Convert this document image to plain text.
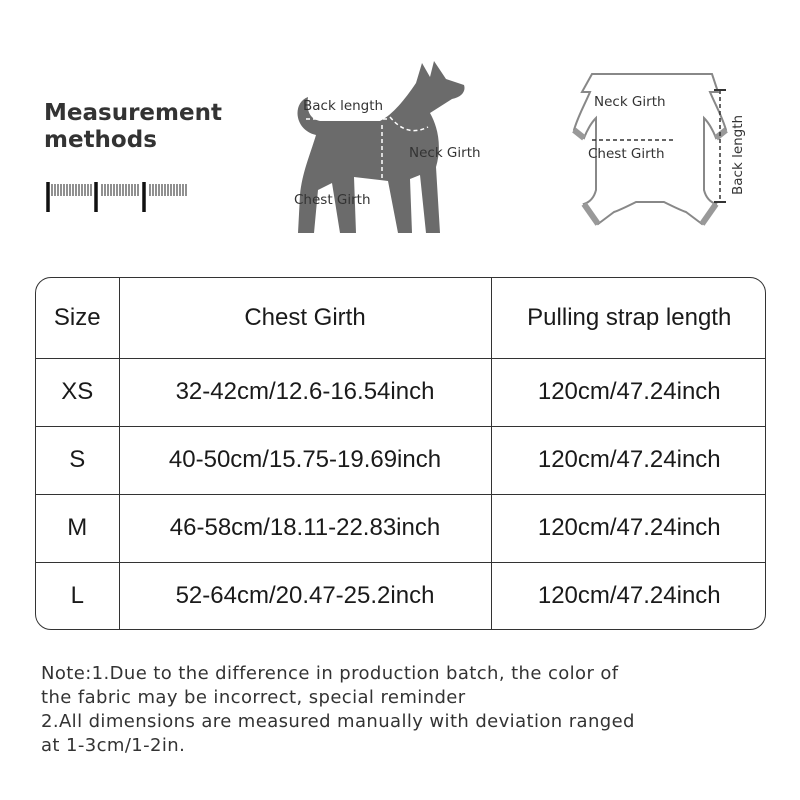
Measurement
methods
Back length
Neck Girth
Chest Girth
Neck Girth
Chest Girth	Back length
Size	Chest Girth	Pulling strap length
XS	32-42cm/12.6-16.54inch	120cm/47.24inch
S	40-50cm/15.75-19.69inch	120cm/47.24inch
M	46-58cm/18.11-22.83inch	120cm/47.24inch
L	52-64cm/20.47-25.2inch	120cm/47.24inch
Note:1.Due to the difference in production batch, the color of
the fabric may be incorrect, special reminder
2.All dimensions are measured manually with deviation ranged
at 1-3cm/1-2in.
